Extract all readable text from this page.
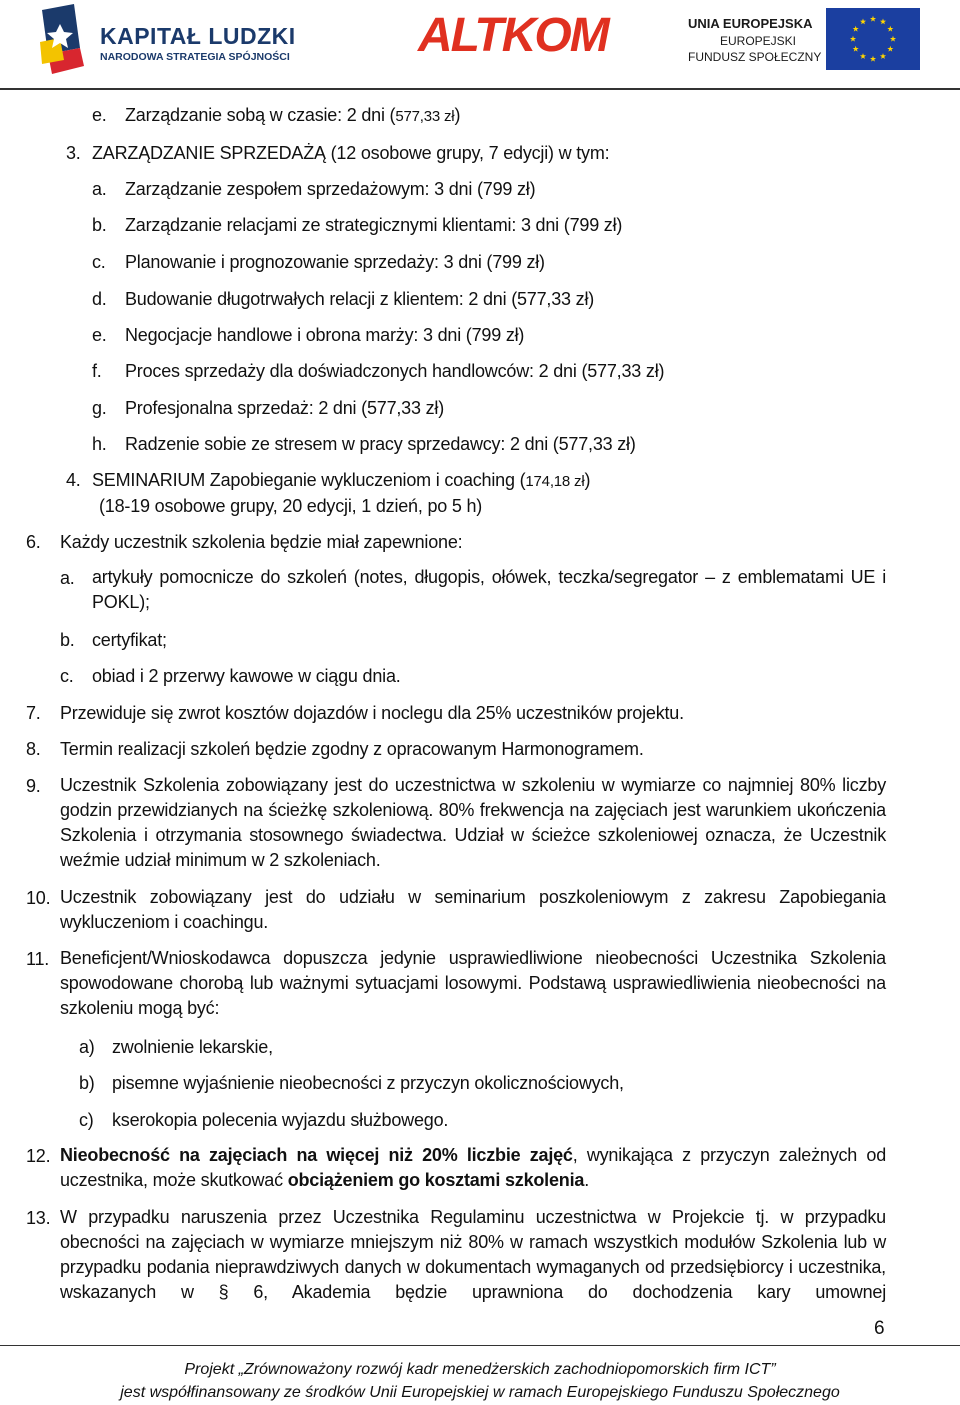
KAPITAŁ LUDZKI
NARODOWA STRATEGIA SPÓJNOŚCI	ALTKOM	UNIA EUROPEJSKA
EUROPEJSKI
FUNDUSZ SPOŁECZNY
e. Zarządzanie sobą w czasie: 2 dni (577,33 zł)
3. ZARZĄDZANIE SPRZEDAŻĄ (12 osobowe grupy, 7 edycji) w tym:
a. Zarządzanie zespołem sprzedażowym: 3 dni (799 zł)
b. Zarządzanie relacjami ze strategicznymi klientami: 3 dni (799 zł)
c. Planowanie i prognozowanie sprzedaży: 3 dni (799 zł)
d. Budowanie długotrwałych relacji z klientem: 2 dni (577,33 zł)
e. Negocjacje handlowe i obrona marży: 3 dni (799 zł)
f. Proces sprzedaży dla doświadczonych handlowców: 2 dni (577,33 zł)
g. Profesjonalna sprzedaż: 2 dni (577,33 zł)
h. Radzenie sobie ze stresem w pracy sprzedawcy: 2 dni (577,33 zł)
4. SEMINARIUM Zapobieganie wykluczeniom i coaching (174,18 zł)
(18-19 osobowe grupy, 20 edycji, 1 dzień, po 5 h)
6. Każdy uczestnik szkolenia będzie miał zapewnione:
a. artykuły pomocnicze do szkoleń (notes, długopis, ołówek, teczka/segregator – z emblematami UE i POKL);
b. certyfikat;
c. obiad i 2 przerwy kawowe w ciągu dnia.
7. Przewiduje się zwrot kosztów dojazdów i noclegu dla 25% uczestników projektu.
8. Termin realizacji szkoleń będzie zgodny z opracowanym Harmonogramem.
9. Uczestnik Szkolenia zobowiązany jest do uczestnictwa w szkoleniu w wymiarze co najmniej 80% liczby godzin przewidzianych na ścieżkę szkoleniową. 80% frekwencja na zajęciach jest warunkiem ukończenia Szkolenia i otrzymania stosownego świadectwa. Udział w ścieżce szkoleniowej oznacza, że Uczestnik weźmie udział minimum w 2 szkoleniach.
10. Uczestnik zobowiązany jest do udziału w seminarium poszkoleniowym z zakresu Zapobiegania wykluczeniom i coachingu.
11. Beneficjent/Wnioskodawca dopuszcza jedynie usprawiedliwione nieobecności Uczestnika Szkolenia spowodowane chorobą lub ważnymi sytuacjami losowymi. Podstawą usprawiedliwienia nieobecności na szkoleniu mogą być:
a) zwolnienie lekarskie,
b) pisemne wyjaśnienie nieobecności z przyczyn okolicznościowych,
c) kserokopia polecenia wyjazdu służbowego.
12. Nieobecność na zajęciach na więcej niż 20% liczbie zajęć, wynikająca z przyczyn zależnych od uczestnika, może skutkować obciążeniem go kosztami szkolenia.
13. W przypadku naruszenia przez Uczestnika Regulaminu uczestnictwa w Projekcie tj. w przypadku obecności na zajęciach w wymiarze mniejszym niż 80% w ramach wszystkich modułów Szkolenia lub w przypadku podania nieprawdziwych danych w dokumentach wymaganych od przedsiębiorcy i uczestnika, wskazanych w § 6, Akademia będzie uprawniona do dochodzenia kary umownej
6
Projekt „Zrównoważony rozwój kadr menedżerskich zachodniopomorskich firm ICT”
jest współfinansowany ze środków Unii Europejskiej w ramach Europejskiego Funduszu Społecznego
